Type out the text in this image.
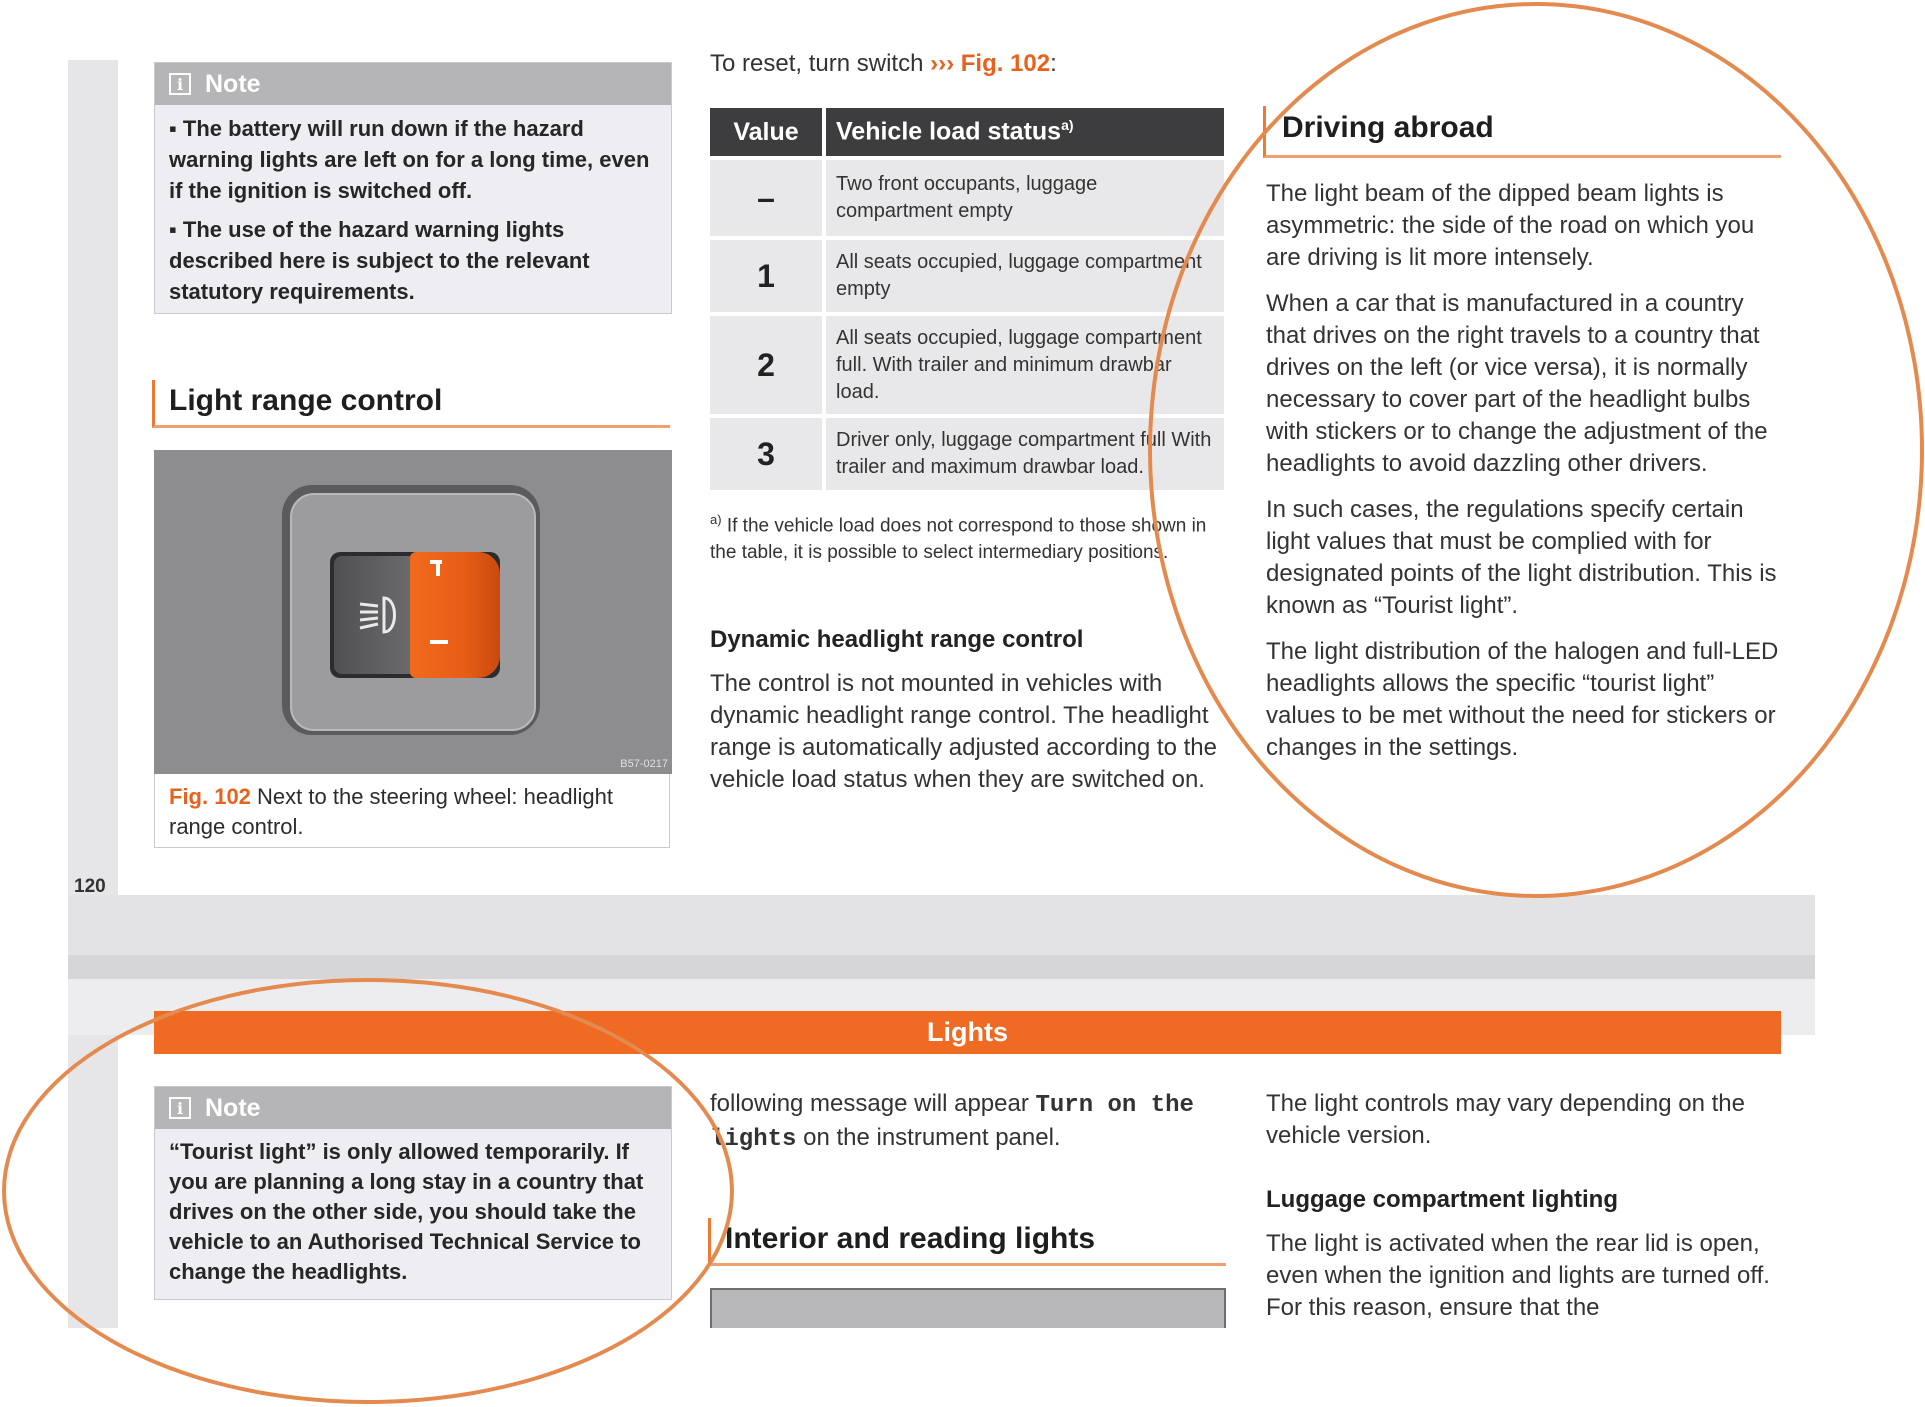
120
i Note

▪ The battery will run down if the hazard warning lights are left on for a long time, even if the ignition is switched off.

▪ The use of the hazard warning lights described here is subject to the relevant statutory requirements.

Light range control
B57-0217
Fig. 102 Next to the steering wheel: headlight range control.
To reset, turn switch ››› Fig. 102:
Value	Vehicle load status$^{a)}$
–	Two front occupants, luggage compartment empty
1	All seats occupied, luggage compartment empty
2	All seats occupied, luggage compartment full. With trailer and minimum drawbar load.
3	Driver only, luggage compartment full With trailer and maximum drawbar load.
$^{a)}$ If the vehicle load does not correspond to those shown in the table, it is possible to select intermediary positions.
Dynamic headlight range control

The control is not mounted in vehicles with dynamic headlight range control. The headlight range is automatically adjusted according to the vehicle load status when they are switched on.

Driving abroad

The light beam of the dipped beam lights is asymmetric: the side of the road on which you are driving is lit more intensely.

When a car that is manufactured in a country that drives on the right travels to a country that drives on the left (or vice versa), it is normally necessary to cover part of the headlight bulbs with stickers or to change the adjustment of the headlights to avoid dazzling other drivers.

In such cases, the regulations specify certain light values that must be complied with for designated points of the light distribution. This is known as “Tourist light”.

The light distribution of the halogen and full-LED headlights allows the specific “tourist light” values to be met without the need for stickers or changes in the settings.

Lights
i Note

“Tourist light” is only allowed temporarily. If you are planning a long stay in a country that drives on the other side, you should take the vehicle to an Authorised Technical Service to change the headlights.

following message will appear Turn on the lights on the instrument panel.
Interior and reading lights

The light controls may vary depending on the vehicle version.

Luggage compartment lighting

The light is activated when the rear lid is open, even when the ignition and lights are turned off. For this reason, ensure that the
